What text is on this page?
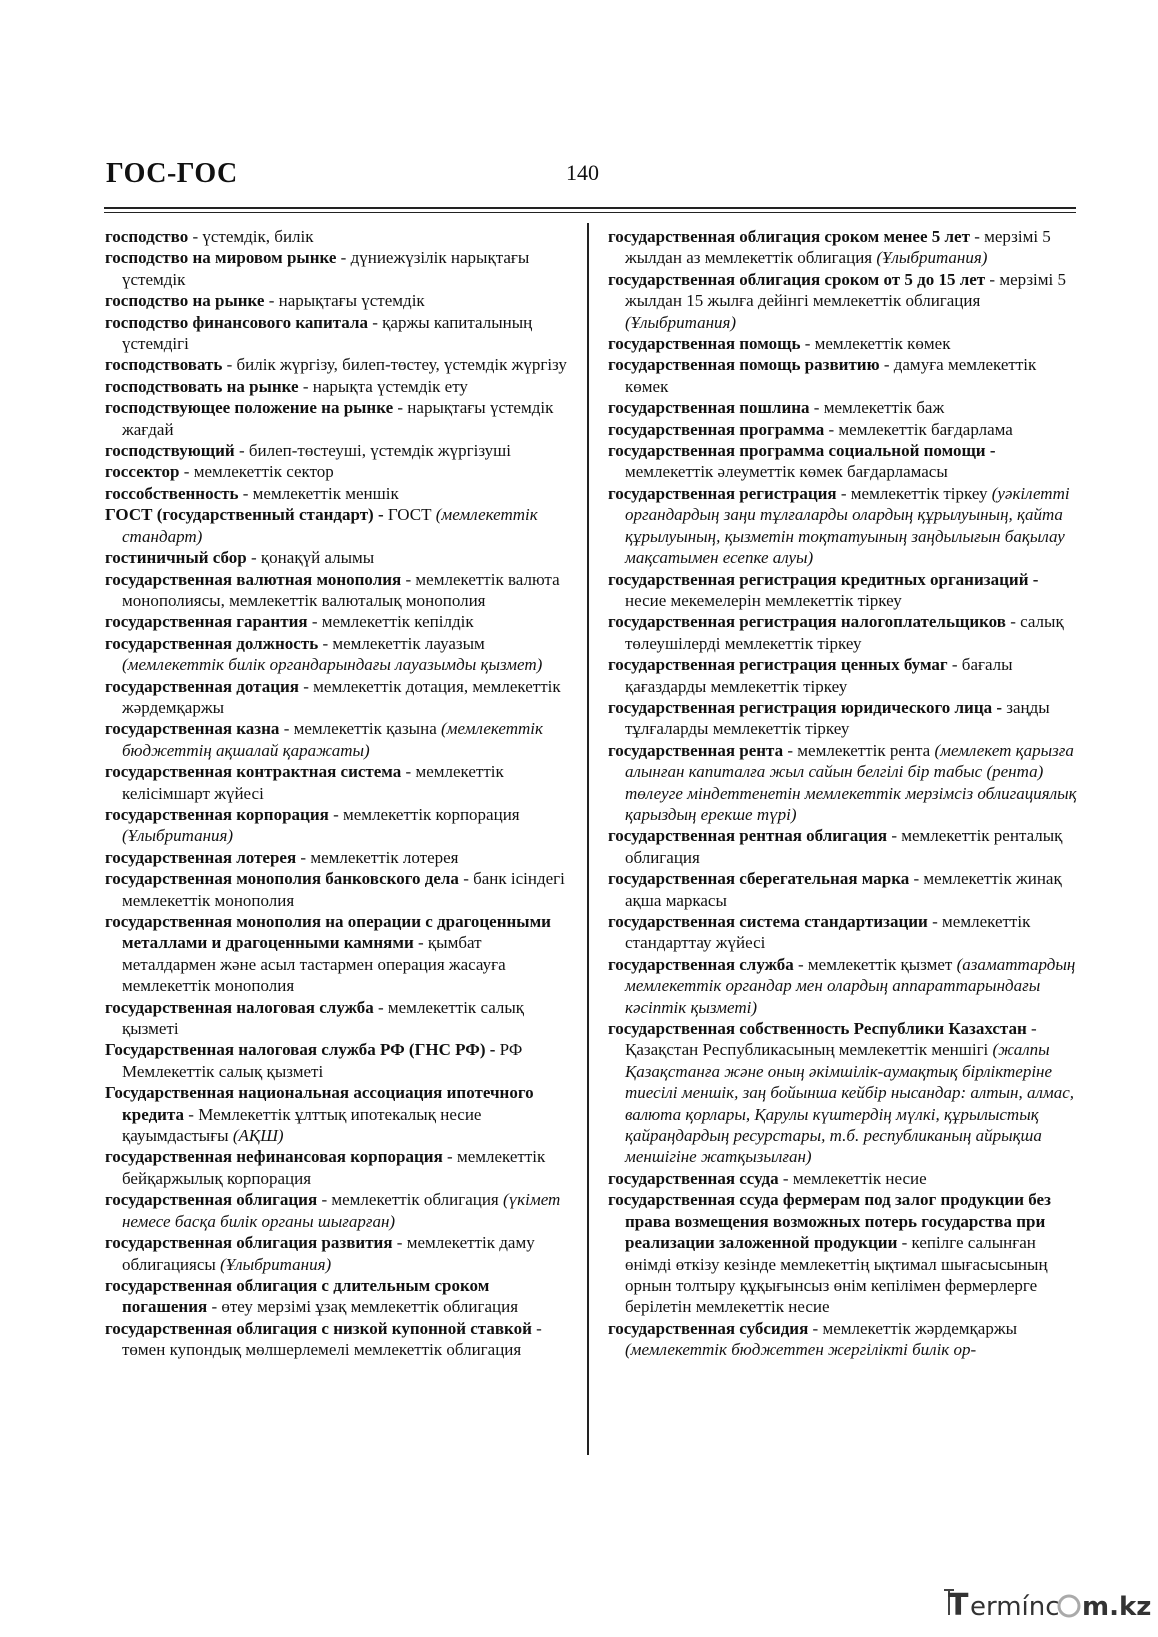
ГОС-ГОС	140

господство - үстемдік, билік

господство на мировом рынке - дүниежүзілік нарықтағы үстемдік

господство на рынке - нарықтағы үстемдік

господство финансового капитала - қаржы капиталының үстемдігі

господствовать - билік жүргізу, билеп-төстеу, үстемдік жүргізу

господствовать на рынке - нарықта үстемдік ету

господствующее положение на рынке - нарықтағы үстемдік жағдай

господствующий - билеп-төстеуші, үстемдік жүргізуші

госсектор - мемлекеттік сектор

госсобственность - мемлекеттік меншік

ГОСТ (государственный стандарт) - ГОСТ (мемлекеттік стандарт)

гостиничный сбор - қонақүй алымы

государственная валютная монополия - мемлекеттік валюта монополиясы, мемлекеттік валюталық монополия

государственная гарантия - мемлекеттік кепілдік

государственная должность - мемлекеттік лауазым (мемлекеттік билік органдарындағы лауазымды қызмет)

государственная дотация - мемлекеттік дотация, мемлекеттік жәрдемқаржы

государственная казна - мемлекеттік қазына (мемлекеттік бюджеттің ақшалай қаражаты)

государственная контрактная система - мемлекеттік келісімшарт жүйесі

государственная корпорация - мемлекеттік корпорация (Ұлыбритания)

государственная лотерея - мемлекеттік лотерея

государственная монополия банковского дела - банк ісіндегі мемлекеттік монополия

государственная монополия на операции с драгоценными металлами и драгоценными камнями - қымбат металдармен және асыл тастармен операция жасауға мемлекеттік монополия

государственная налоговая служба - мемлекеттік салық қызметі

Государственная налоговая служба РФ (ГНС РФ) - РФ Мемлекеттік салық қызметі

Государственная национальная ассоциация ипотечного кредита - Мемлекеттік ұлттық ипотекалық несие қауымдастығы (АҚШ)

государственная нефинансовая корпорация - мемлекеттік бейқаржылық корпорация

государственная облигация - мемлекеттік облигация (үкімет немесе басқа билік органы шығарған)

государственная облигация развития - мемлекеттік даму облигациясы (Ұлыбритания)

государственная облигация с длительным сроком погашения - өтеу мерзімі ұзақ мемлекеттік облигация

государственная облигация с низкой купонной ставкой - төмен купондық мөлшерлемелі мемлекеттік облигация

государственная облигация сроком менее 5 лет - мерзімі 5 жылдан аз мемлекеттік облигация (Ұлыбритания)

государственная облигация сроком от 5 до 15 лет - мерзімі 5 жылдан 15 жылға дейінгі мемлекеттік облигация (Ұлыбритания)

государственная помощь - мемлекеттік көмек

государственная помощь развитию - дамуға мемлекеттік көмек

государственная пошлина - мемлекеттік баж

государственная программа - мемлекеттік бағдарлама

государственная программа социальной помощи - мемлекеттік әлеуметтік көмек бағдарламасы

государственная регистрация - мемлекеттік тіркеу (уәкілетті органдардың заңи тұлғаларды олардың құрылуының, қайта құрылуының, қызметін тоқтатуының заңдылығын бақылау мақсатымен есепке алуы)

государственная регистрация кредитных организаций - несие мекемелерін мемлекеттік тіркеу

государственная регистрация налогоплательщиков - салық төлеушілерді мемлекеттік тіркеу

государственная регистрация ценных бумаг - бағалы қағаздарды мемлекеттік тіркеу

государственная регистрация юридического лица - заңды тұлғаларды мемлекеттік тіркеу

государственная рента - мемлекеттік рента (мемлекет қарызға алынған капиталға жыл сайын белгілі бір табыс (рента) төлеуге міндеттенетін мемлекеттік мерзімсіз облигациялық қарыздың ерекше түрі)

государственная рентная облигация - мемлекеттік ренталық облигация

государственная сберегательная марка - мемлекеттік жинақ ақша маркасы

государственная система стандартизации - мемлекеттік стандарттау жүйесі

государственная служба - мемлекеттік қызмет (азаматтардың мемлекеттік органдар мен олардың аппараттарындағы кәсіптік қызметі)

государственная собственность Республики Казахстан - Қазақстан Республикасының мемлекеттік меншігі (жалпы Қазақстанға және оның әкімшілік-аумақтық бірліктеріне тиесілі меншік, заң бойынша кейбір нысандар: алтын, алмас, валюта қорлары, Қарулы күштердің мүлкі, құрылыстық қайраңдардың ресурстары, т.б. республиканың айрықша меншігіне жатқызылған)

государственная ссуда - мемлекеттік несие

государственная ссуда фермерам под залог продукции без права возмещения возможных потерь государства при реализации заложенной продукции - кепілге салынған өнімді өткізу кезінде мемлекеттің ықтимал шығасысының орнын толтыру құқығынсыз өнім кепілімен фермерлерге берілетін мемлекеттік несие

государственная субсидия - мемлекеттік жәрдемқаржы (мемлекеттік бюджеттен жергілікті билік ор-

T ermínc m.kz
